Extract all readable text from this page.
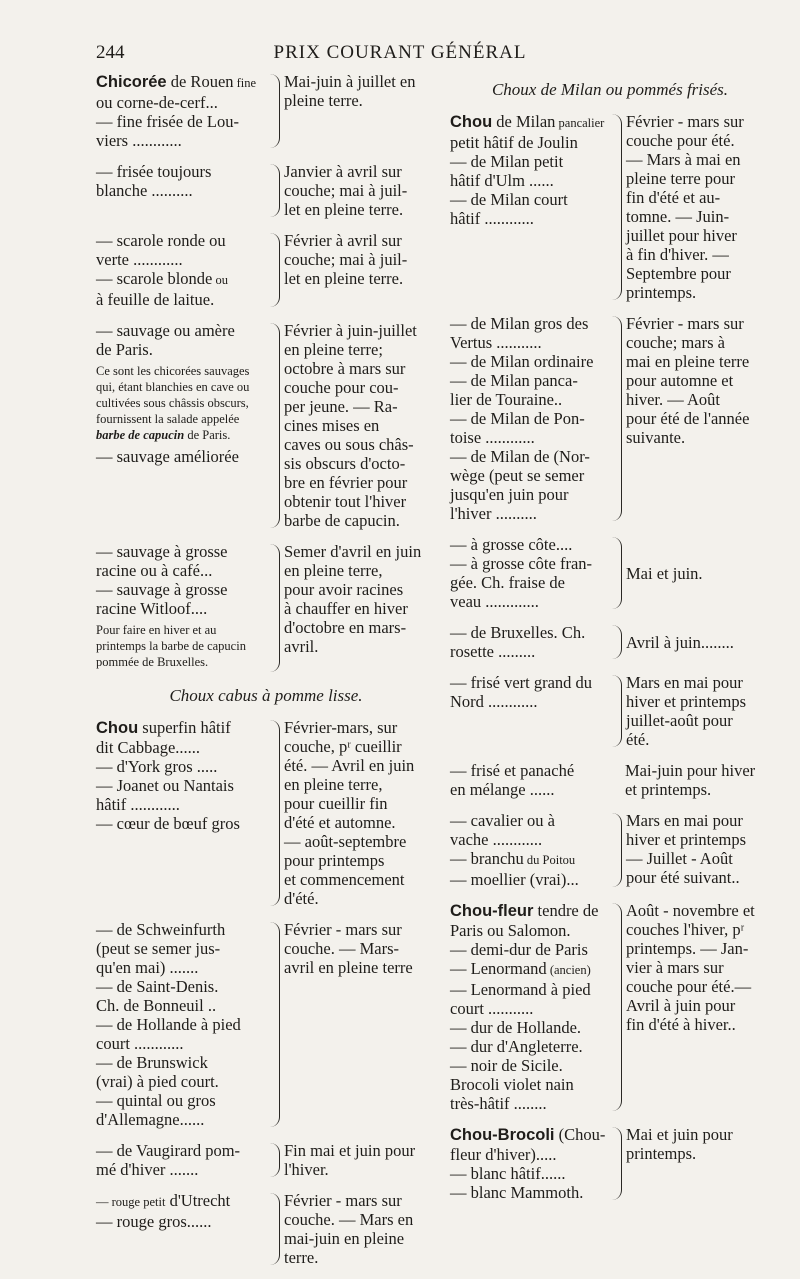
244	PRIX COURANT GÉNÉRAL
Chicorée de Rouen fine
ou corne-de-cerf...
— fine frisée de Lou-
viers ............
Mai-juin à juillet en
pleine terre.
— frisée toujours
blanche ..........
Janvier à avril sur
couche; mai à juil-
let en pleine terre.
— scarole ronde ou
verte ............
— scarole blonde ou
à feuille de laitue.
Février à avril sur
couche; mai à juil-
let en pleine terre.
— sauvage ou amère
de Paris.
Ce sont les chicorées sauvages qui, étant blanchies en cave ou cultivées sous châssis obscurs, fournissent la salade appelée barbe de capucin de Paris.
— sauvage améliorée
Février à juin-juillet
en pleine terre;
octobre à mars sur
couche pour cou-
per jeune. — Ra-
cines mises en
caves ou sous châs-
sis obscurs d'octo-
bre en février pour
obtenir tout l'hiver
barbe de capucin.
— sauvage à grosse
racine ou à café...
— sauvage à grosse
racine Witloof....
Pour faire en hiver et au printemps la barbe de capucin pommée de Bruxelles.
Semer d'avril en juin
en pleine terre,
pour avoir racines
à chauffer en hiver
d'octobre en mars-
avril.
Choux cabus à pomme lisse.
Chou superfin hâtif
dit Cabbage......
— d'York gros .....
— Joanet ou Nantais
hâtif ............
— cœur de bœuf gros
Février-mars, sur
couche, pʳ cueillir
été. — Avril en juin
en pleine terre,
pour cueillir fin
d'été et automne.
— août-septembre
pour printemps
et commencement
d'été.
— de Schweinfurth
(peut se semer jus-
qu'en mai) .......
— de Saint-Denis.
Ch. de Bonneuil ..
— de Hollande à pied
court ............
— de Brunswick
(vrai) à pied court.
— quintal ou gros
d'Allemagne......
Février - mars sur
couche. — Mars-
avril en pleine terre
— de Vaugirard pom-
mé d'hiver .......
Fin mai et juin pour
l'hiver.
— rouge petit d'Utrecht
— rouge gros......
Février - mars sur
couche. — Mars en
mai-juin en pleine
terre.
Choux de Milan ou pommés frisés.
Chou de Milan pancalier
petit hâtif de Joulin
— de Milan petit
hâtif d'Ulm ......
— de Milan court
hâtif ............
Février - mars sur
couche pour été.
— Mars à mai en
pleine terre pour
fin d'été et au-
tomne. — Juin-
juillet pour hiver
à fin d'hiver. —
Septembre pour
printemps.
— de Milan gros des
Vertus ...........
— de Milan ordinaire
— de Milan panca-
lier de Touraine..
— de Milan de Pon-
toise ............
— de Milan de (Nor-
wège (peut se semer
jusqu'en juin pour
l'hiver ..........
Février - mars sur
couche; mars à
mai en pleine terre
pour automne et
hiver. — Août
pour été de l'année
suivante.
— à grosse côte....
— à grosse côte fran-
gée. Ch. fraise de
veau .............
Mai et juin.
— de Bruxelles. Ch.
rosette .........	Avril à juin........
— frisé vert grand du
Nord ............
Mars en mai pour
hiver et printemps
juillet-août pour
été.
— frisé et panaché
en mélange ......
Mai-juin pour hiver
et printemps.
— cavalier ou à
vache ............
— branchu du Poitou
— moellier (vrai)...
Mars en mai pour
hiver et printemps
— Juillet - Août
pour été suivant..
Chou-fleur tendre de
Paris ou Salomon.
— demi-dur de Paris
— Lenormand (ancien)
— Lenormand à pied
court ...........
— dur de Hollande.
— dur d'Angleterre.
— noir de Sicile.
Brocoli violet nain
très-hâtif ........
Août - novembre et
couches l'hiver, pʳ
printemps. — Jan-
vier à mars sur
couche pour été.—
Avril à juin pour
fin d'été à hiver..
Chou-Brocoli (Chou-
fleur d'hiver).....
— blanc hâtif......
— blanc Mammoth.
Mai et juin pour
printemps.
